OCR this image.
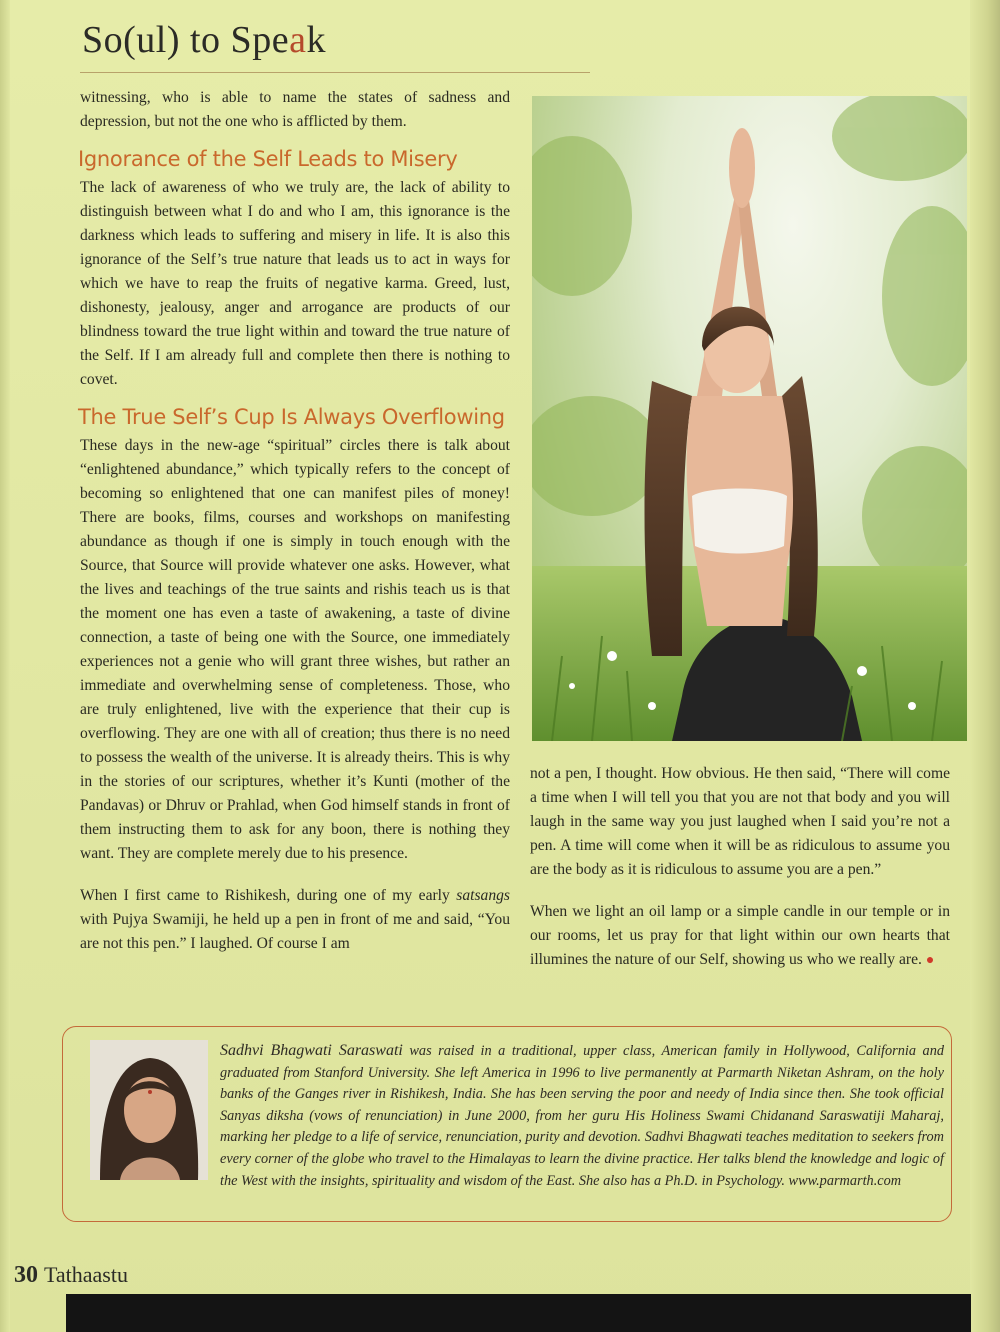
So(ul) to Speak

witnessing, who is able to name the states of sadness and depression, but not the one who is afflicted by them.

Ignorance of the Self Leads to Misery

The lack of awareness of who we truly are, the lack of ability to distinguish between what I do and who I am, this ignorance is the darkness which leads to suffering and misery in life. It is also this ignorance of the Self’s true nature that leads us to act in ways for which we have to reap the fruits of negative karma. Greed, lust, dishonesty, jealousy, anger and arrogance are products of our blindness toward the true light within and toward the true nature of the Self. If I am already full and complete then there is nothing to covet.

The True Self’s Cup Is Always Overflowing

These days in the new-age “spiritual” circles there is talk about “enlightened abundance,” which typically refers to the concept of becoming so enlightened that one can manifest piles of money! There are books, films, courses and workshops on manifesting abundance as though if one is simply in touch enough with the Source, that Source will provide whatever one asks. However, what the lives and teachings of the true saints and rishis teach us is that the moment one has even a taste of awakening, a taste of divine connection, a taste of being one with the Source, one immediately experiences not a genie who will grant three wishes, but rather an immediate and overwhelming sense of completeness. Those, who are truly enlightened, live with the experience that their cup is overflowing. They are one with all of creation; thus there is no need to possess the wealth of the universe. It is already theirs. This is why in the stories of our scriptures, whether it’s Kunti (mother of the Pandavas) or Dhruv or Prahlad, when God himself stands in front of them instructing them to ask for any boon, there is nothing they want. They are complete merely due to his presence.

When I first came to Rishikesh, during one of my early satsangs with Pujya Swamiji, he held up a pen in front of me and said, “You are not this pen.” I laughed. Of course I am

not a pen, I thought. How obvious. He then said, “There will come a time when I will tell you that you are not that body and you will laugh in the same way you just laughed when I said you’re not a pen. A time will come when it will be as ridiculous to assume you are the body as it is ridiculous to assume you are a pen.”

When we light an oil lamp or a simple candle in our temple or in our rooms, let us pray for that light within our own hearts that illumines the nature of our Self, showing us who we really are. ●

Sadhvi Bhagwati Saraswati was raised in a traditional, upper class, American family in Hollywood, California and graduated from Stanford University. She left America in 1996 to live permanently at Parmarth Niketan Ashram, on the holy banks of the Ganges river in Rishikesh, India. She has been serving the poor and needy of India since then. She took official Sanyas diksha (vows of renunciation) in June 2000, from her guru His Holiness Swami Chidanand Saraswatiji Maharaj, marking her pledge to a life of service, renunciation, purity and devotion. Sadhvi Bhagwati teaches meditation to seekers from every corner of the globe who travel to the Himalayas to learn the divine practice. Her talks blend the knowledge and logic of the West with the insights, spirituality and wisdom of the East. She also has a Ph.D. in Psychology. www.parmarth.com
30 Tathaastu
